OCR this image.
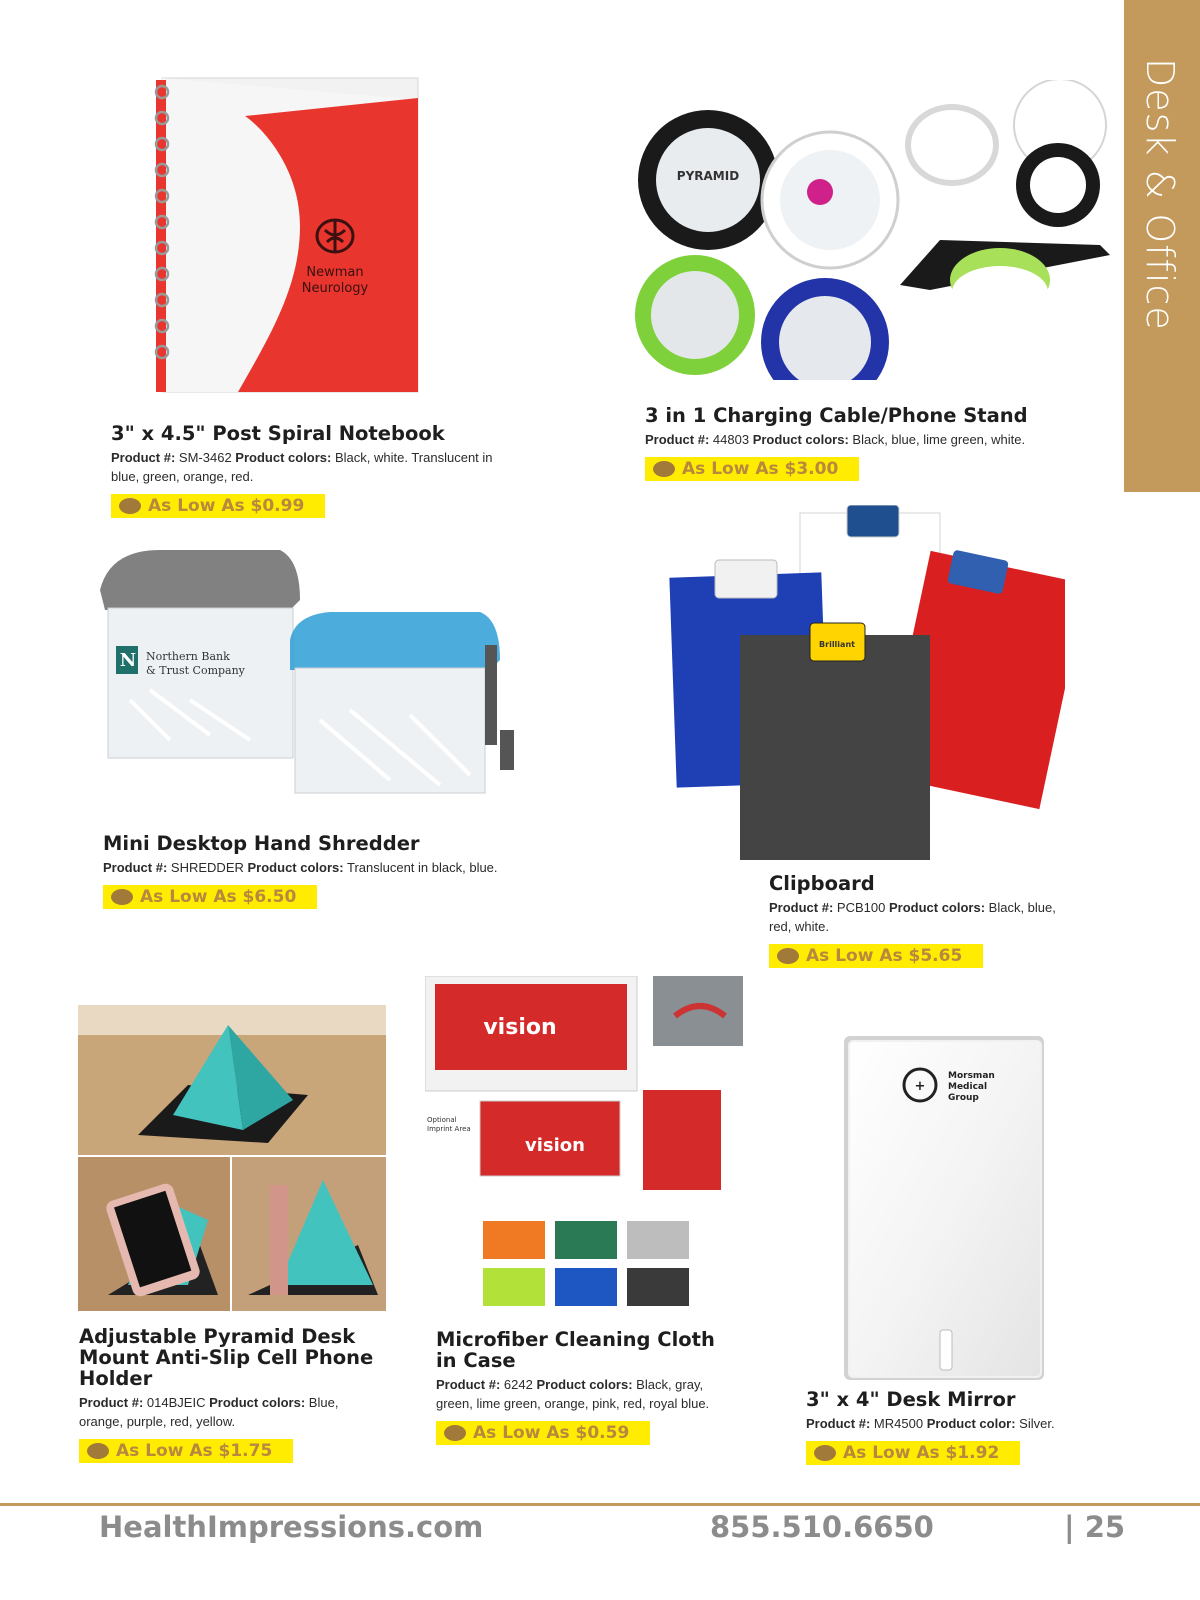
Desk & Office
Newman
Neurology
3" x 4.5" Post Spiral Notebook

Product #: SM-3462 Product colors: Black, white. Translucent in blue, green, orange, red.

As Low As $0.99
PYRAMID
3 in 1 Charging Cable/Phone Stand

Product #: 44803 Product colors: Black, blue, lime green, white.

As Low As $3.00
N Northern Bank
& Trust Company
Mini Desktop Hand Shredder

Product #: SHREDDER Product colors: Translucent in black, blue.

As Low As $6.50
Brilliant
Clipboard

Product #: PCB100 Product colors: Black, blue, red, white.

As Low As $5.65
Adjustable Pyramid Desk Mount Anti-Slip Cell Phone Holder

Product #: 014BJEIC Product colors: Blue, orange, purple, red, yellow.

As Low As $1.75
vision
Optional
Imprint Area
vision
Microfiber Cleaning Cloth in Case

Product #: 6242 Product colors: Black, gray, green, lime green, orange, pink, red, royal blue.

As Low As $0.59
+
Morsman
Medical
Group
3" x 4" Desk Mirror

Product #: MR4500 Product color: Silver.

As Low As $1.92
HealthImpressions.com	855.510.6650	| 25
